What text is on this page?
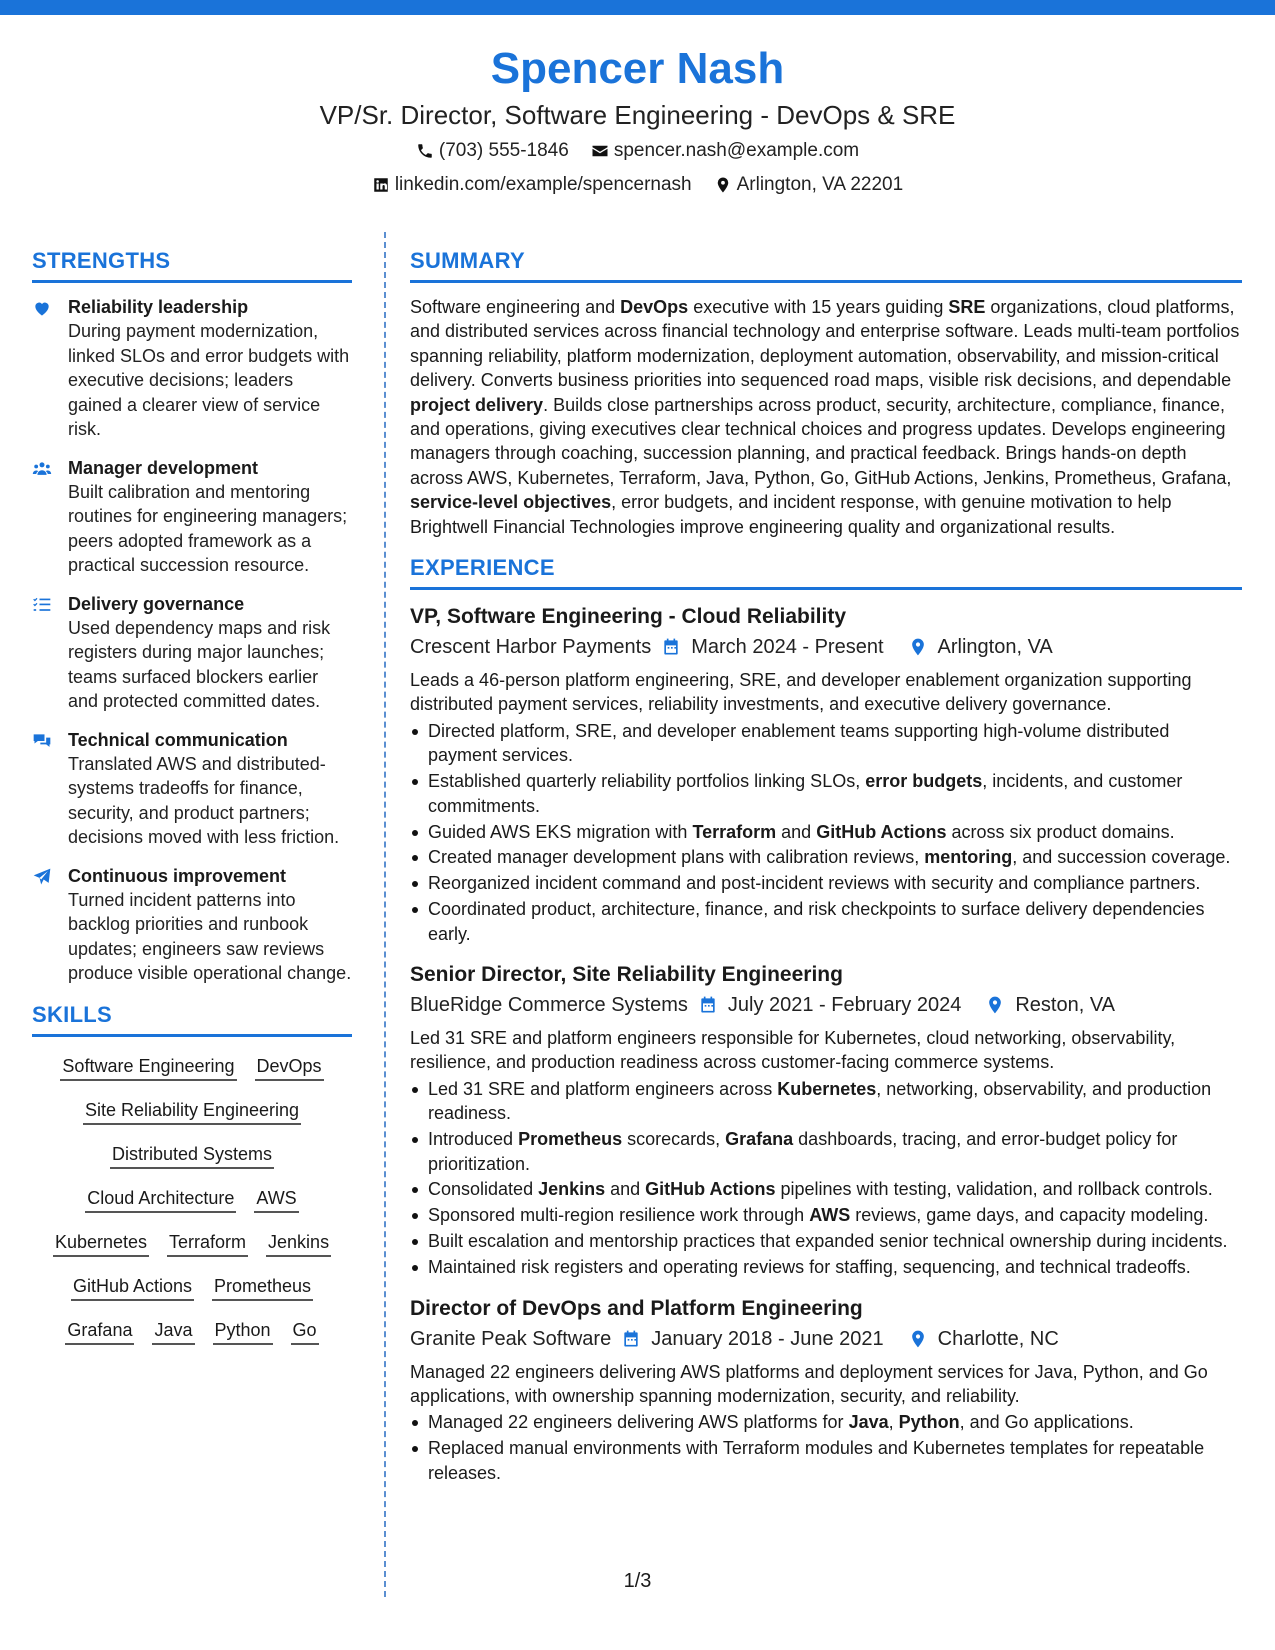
Spencer Nash
VP/Sr. Director, Software Engineering - DevOps & SRE
(703) 555-1846 spencer.nash@example.com
linkedin.com/example/spencernash Arlington, VA 22201
STRENGTHS
Reliability leadership
During payment modernization, linked SLOs and error budgets with executive decisions; leaders gained a clearer view of service risk.
Manager development
Built calibration and mentoring routines for engineering managers; peers adopted framework as a practical succession resource.
Delivery governance
Used dependency maps and risk registers during major launches; teams surfaced blockers earlier and protected committed dates.
Technical communication
Translated AWS and distributed-systems tradeoffs for finance, security, and product partners; decisions moved with less friction.
Continuous improvement
Turned incident patterns into backlog priorities and runbook updates; engineers saw reviews produce visible operational change.
SKILLS
Software Engineering DevOps
Site Reliability Engineering
Distributed Systems
Cloud Architecture AWS
Kubernetes Terraform Jenkins
GitHub Actions Prometheus
Grafana Java Python Go
SUMMARY
Software engineering and DevOps executive with 15 years guiding SRE organizations, cloud platforms, and distributed services across financial technology and enterprise software. Leads multi-team portfolios spanning reliability, platform modernization, deployment automation, observability, and mission-critical delivery. Converts business priorities into sequenced road maps, visible risk decisions, and dependable project delivery. Builds close partnerships across product, security, architecture, compliance, finance, and operations, giving executives clear technical choices and progress updates. Develops engineering managers through coaching, succession planning, and practical feedback. Brings hands-on depth across AWS, Kubernetes, Terraform, Java, Python, Go, GitHub Actions, Jenkins, Prometheus, Grafana, service-level objectives, error budgets, and incident response, with genuine motivation to help Brightwell Financial Technologies improve engineering quality and organizational results.
EXPERIENCE
VP, Software Engineering - Cloud Reliability
Crescent Harbor Payments March 2024 - Present	Arlington, VA
Leads a 46-person platform engineering, SRE, and developer enablement organization supporting distributed payment services, reliability investments, and executive delivery governance.
Directed platform, SRE, and developer enablement teams supporting high-volume distributed payment services.
Established quarterly reliability portfolios linking SLOs, error budgets, incidents, and customer commitments.
Guided AWS EKS migration with Terraform and GitHub Actions across six product domains.
Created manager development plans with calibration reviews, mentoring, and succession coverage.
Reorganized incident command and post-incident reviews with security and compliance partners.
Coordinated product, architecture, finance, and risk checkpoints to surface delivery dependencies early.
Senior Director, Site Reliability Engineering
BlueRidge Commerce Systems July 2021 - February 2024	Reston, VA
Led 31 SRE and platform engineers responsible for Kubernetes, cloud networking, observability, resilience, and production readiness across customer-facing commerce systems.
Led 31 SRE and platform engineers across Kubernetes, networking, observability, and production readiness.
Introduced Prometheus scorecards, Grafana dashboards, tracing, and error-budget policy for prioritization.
Consolidated Jenkins and GitHub Actions pipelines with testing, validation, and rollback controls.
Sponsored multi-region resilience work through AWS reviews, game days, and capacity modeling.
Built escalation and mentorship practices that expanded senior technical ownership during incidents.
Maintained risk registers and operating reviews for staffing, sequencing, and technical tradeoffs.
Director of DevOps and Platform Engineering
Granite Peak Software January 2018 - June 2021	Charlotte, NC
Managed 22 engineers delivering AWS platforms and deployment services for Java, Python, and Go applications, with ownership spanning modernization, security, and reliability.
Managed 22 engineers delivering AWS platforms for Java, Python, and Go applications.
Replaced manual environments with Terraform modules and Kubernetes templates for repeatable releases.
1/3
